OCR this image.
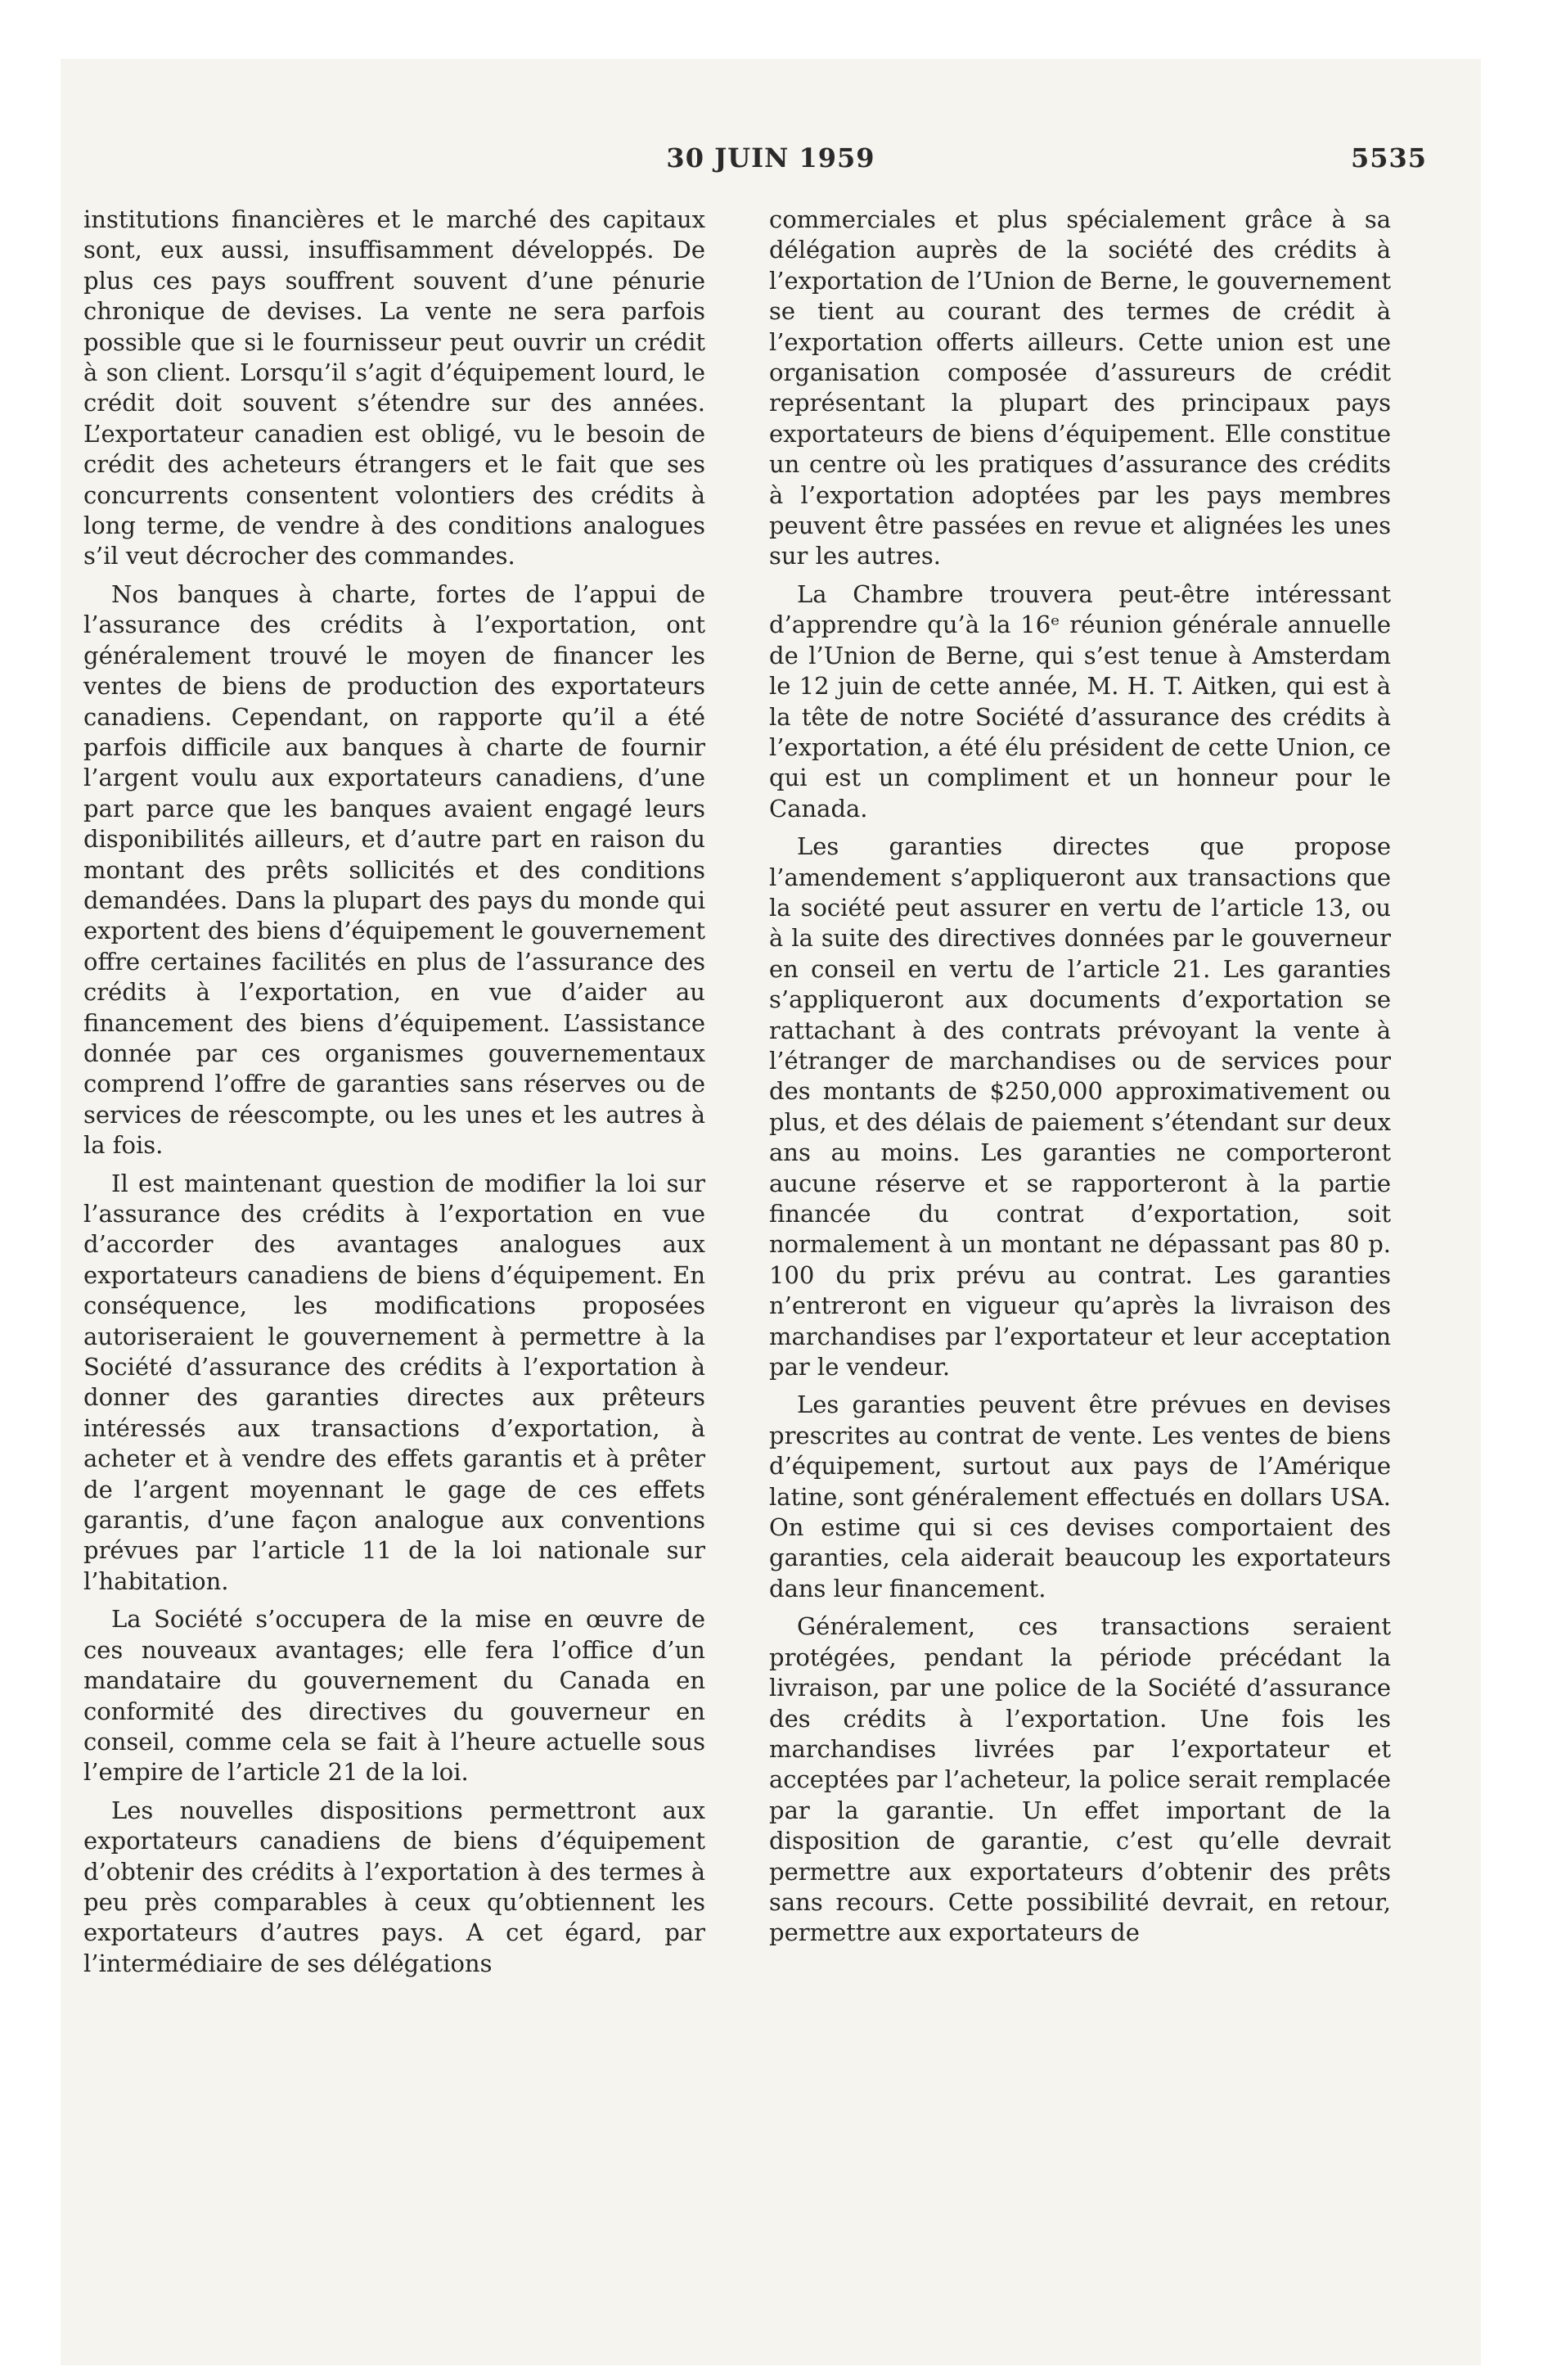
30 JUIN 1959	5535

institutions financières et le marché des capitaux sont, eux aussi, insuffisamment développés. De plus ces pays souffrent souvent d’une pénurie chronique de devises. La vente ne sera parfois possible que si le fournisseur peut ouvrir un crédit à son client. Lorsqu’il s’agit d’équipement lourd, le crédit doit souvent s’étendre sur des années. L’exportateur canadien est obligé, vu le besoin de crédit des acheteurs étrangers et le fait que ses concurrents consentent volontiers des crédits à long terme, de vendre à des conditions analogues s’il veut décrocher des commandes.

Nos banques à charte, fortes de l’appui de l’assurance des crédits à l’exportation, ont généralement trouvé le moyen de financer les ventes de biens de production des exportateurs canadiens. Cependant, on rapporte qu’il a été parfois difficile aux banques à charte de fournir l’argent voulu aux exportateurs canadiens, d’une part parce que les banques avaient engagé leurs disponibilités ailleurs, et d’autre part en raison du montant des prêts sollicités et des conditions demandées. Dans la plupart des pays du monde qui exportent des biens d’équipement le gouvernement offre certaines facilités en plus de l’assurance des crédits à l’exportation, en vue d’aider au financement des biens d’équipement. L’assistance donnée par ces organismes gouvernementaux comprend l’offre de garanties sans réserves ou de services de réescompte, ou les unes et les autres à la fois.

Il est maintenant question de modifier la loi sur l’assurance des crédits à l’exportation en vue d’accorder des avantages analogues aux exportateurs canadiens de biens d’équipement. En conséquence, les modifications proposées autoriseraient le gouvernement à permettre à la Société d’assurance des crédits à l’exportation à donner des garanties directes aux prêteurs intéressés aux transactions d’exportation, à acheter et à vendre des effets garantis et à prêter de l’argent moyennant le gage de ces effets garantis, d’une façon analogue aux conventions prévues par l’article 11 de la loi nationale sur l’habitation.

La Société s’occupera de la mise en œuvre de ces nouveaux avantages; elle fera l’office d’un mandataire du gouvernement du Canada en conformité des directives du gouverneur en conseil, comme cela se fait à l’heure actuelle sous l’empire de l’article 21 de la loi.

Les nouvelles dispositions permettront aux exportateurs canadiens de biens d’équipement d’obtenir des crédits à l’exportation à des termes à peu près comparables à ceux qu’obtiennent les exportateurs d’autres pays. A cet égard, par l’intermédiaire de ses délégations

commerciales et plus spécialement grâce à sa délégation auprès de la société des crédits à l’exportation de l’Union de Berne, le gouvernement se tient au courant des termes de crédit à l’exportation offerts ailleurs. Cette union est une organisation composée d’assureurs de crédit représentant la plupart des principaux pays exportateurs de biens d’équipement. Elle constitue un centre où les pratiques d’assurance des crédits à l’exportation adoptées par les pays membres peuvent être passées en revue et alignées les unes sur les autres.

La Chambre trouvera peut-être intéressant d’apprendre qu’à la 16ᵉ réunion générale annuelle de l’Union de Berne, qui s’est tenue à Amsterdam le 12 juin de cette année, M. H. T. Aitken, qui est à la tête de notre Société d’assurance des crédits à l’exportation, a été élu président de cette Union, ce qui est un compliment et un honneur pour le Canada.

Les garanties directes que propose l’amendement s’appliqueront aux transactions que la société peut assurer en vertu de l’article 13, ou à la suite des directives données par le gouverneur en conseil en vertu de l’article 21. Les garanties s’appliqueront aux documents d’exportation se rattachant à des contrats prévoyant la vente à l’étranger de marchandises ou de services pour des montants de $250,000 approximativement ou plus, et des délais de paiement s’étendant sur deux ans au moins. Les garanties ne comporteront aucune réserve et se rapporteront à la partie financée du contrat d’exportation, soit normalement à un montant ne dépassant pas 80 p. 100 du prix prévu au contrat. Les garanties n’entreront en vigueur qu’après la livraison des marchandises par l’exportateur et leur acceptation par le vendeur.

Les garanties peuvent être prévues en devises prescrites au contrat de vente. Les ventes de biens d’équipement, surtout aux pays de l’Amérique latine, sont généralement effectués en dollars USA. On estime qui si ces devises comportaient des garanties, cela aiderait beaucoup les exportateurs dans leur financement.

Généralement, ces transactions seraient protégées, pendant la période précédant la livraison, par une police de la Société d’assurance des crédits à l’exportation. Une fois les marchandises livrées par l’exportateur et acceptées par l’acheteur, la police serait remplacée par la garantie. Un effet important de la disposition de garantie, c’est qu’elle devrait permettre aux exportateurs d’obtenir des prêts sans recours. Cette possibilité devrait, en retour, permettre aux exportateurs de
